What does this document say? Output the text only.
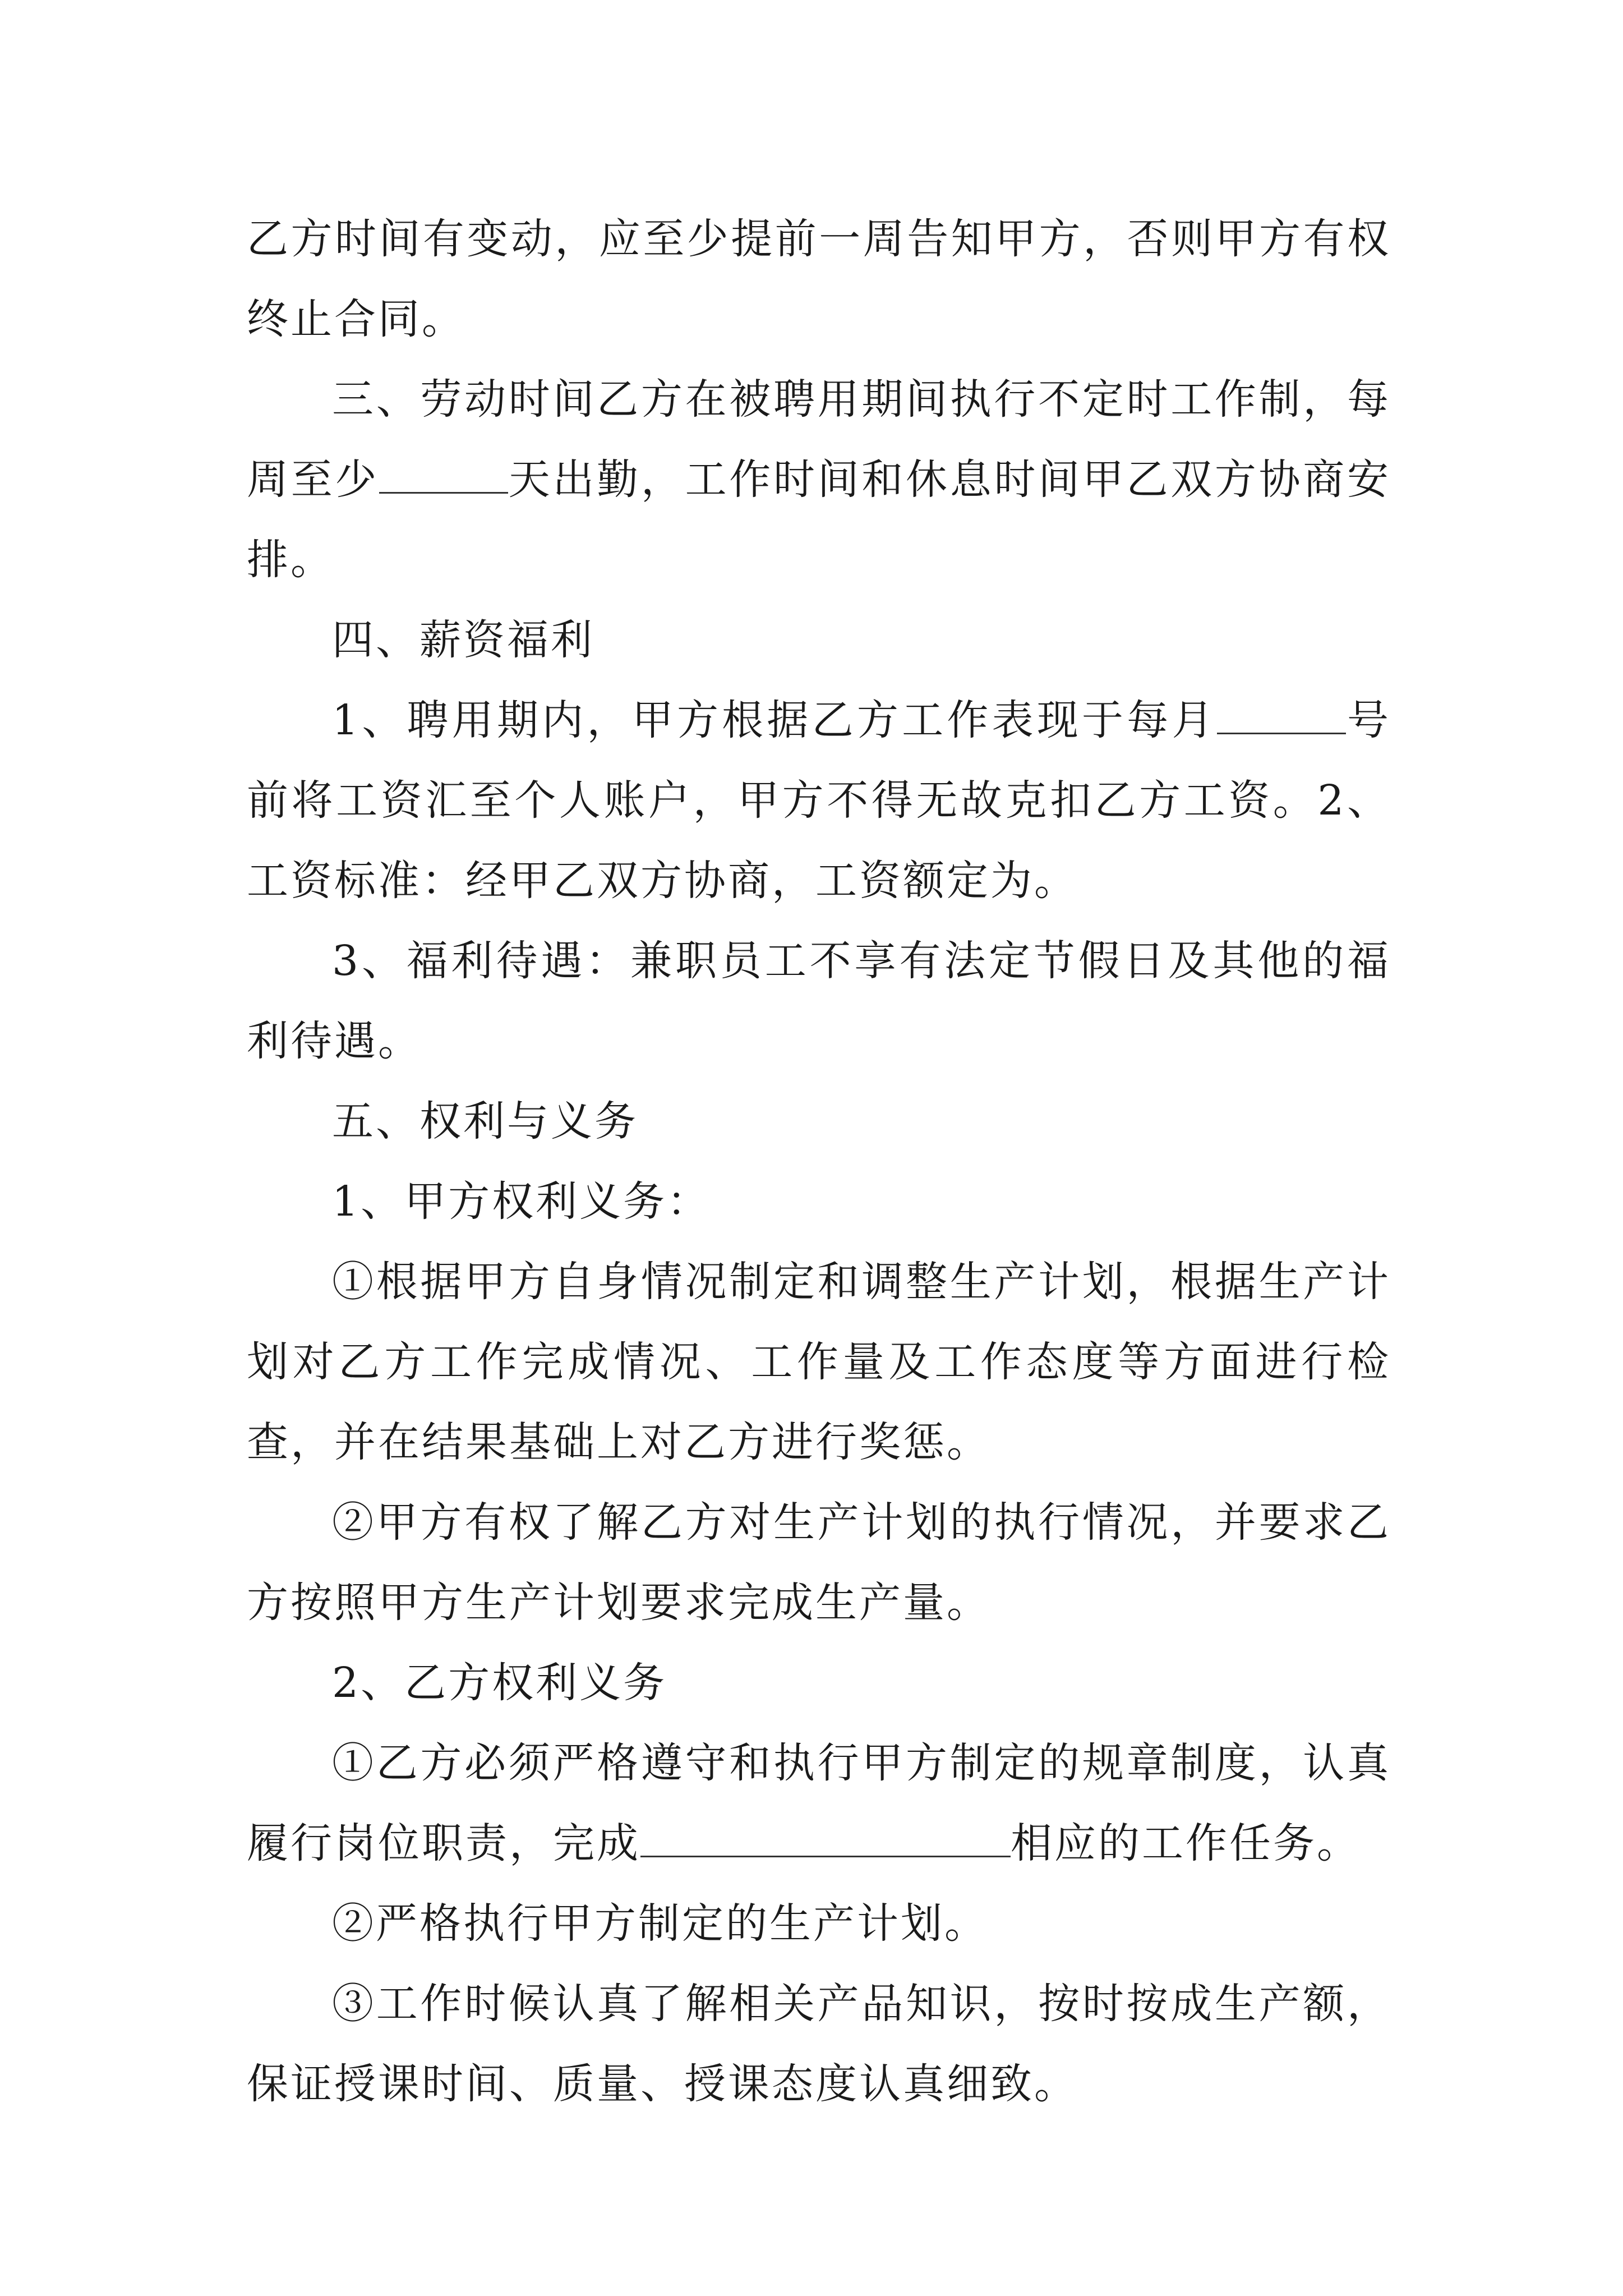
乙方时间有变动，应至少提前一周告知甲方，否则甲方有权终止合同。

三、劳动时间乙方在被聘用期间执行不定时工作制，每周至少	天出勤，工作时间和休息时间甲乙双方协商安排。

四、薪资福利

1、聘用期内，甲方根据乙方工作表现于每月	号前将工资汇至个人账户，甲方不得无故克扣乙方工资。2、工资标准：经甲乙双方协商，工资额定为。

3、福利待遇：兼职员工不享有法定节假日及其他的福利待遇。

五、权利与义务

1、甲方权利义务：

①根据甲方自身情况制定和调整生产计划，根据生产计划对乙方工作完成情况、工作量及工作态度等方面进行检查，并在结果基础上对乙方进行奖惩。

②甲方有权了解乙方对生产计划的执行情况，并要求乙方按照甲方生产计划要求完成生产量。

2、乙方权利义务

①乙方必须严格遵守和执行甲方制定的规章制度，认真履行岗位职责，完成	相应的工作任务。

②严格执行甲方制定的生产计划。

③工作时候认真了解相关产品知识，按时按成生产额，保证授课时间、质量、授课态度认真细致。
